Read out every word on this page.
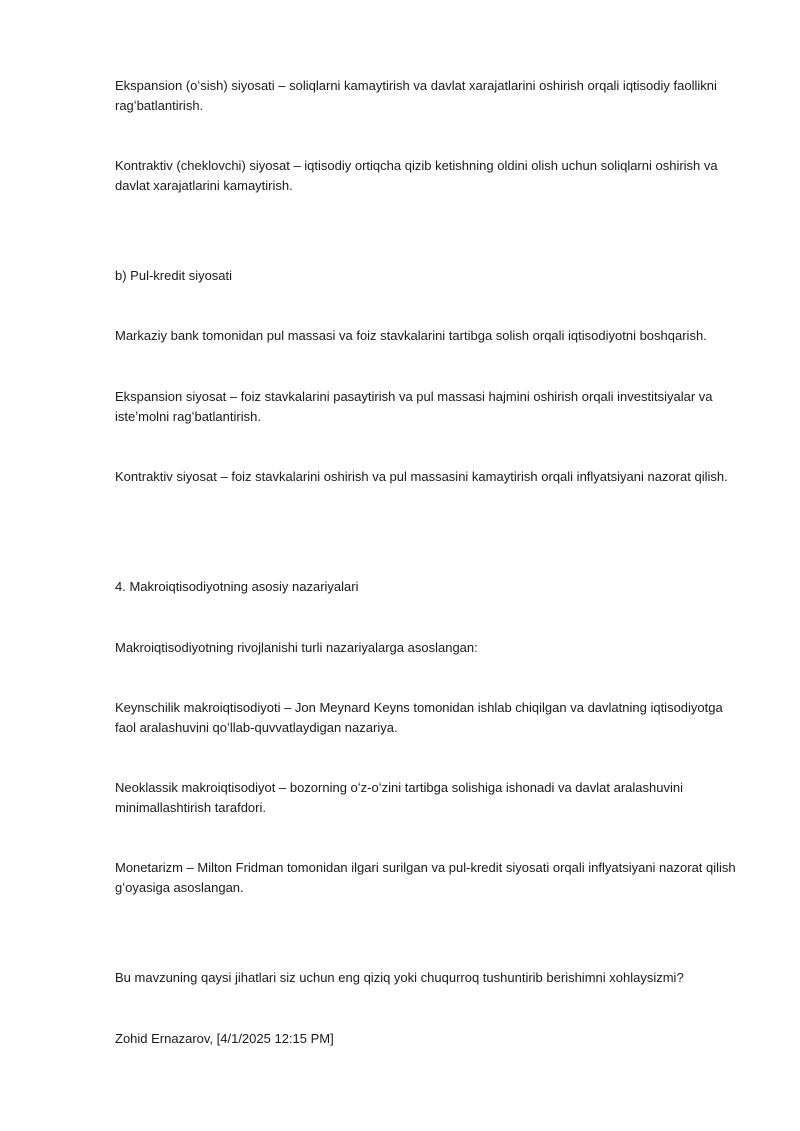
Ekspansion (oʻsish) siyosati – soliqlarni kamaytirish va davlat xarajatlarini oshirish orqali iqtisodiy faollikni ragʻbatlantirish.

Kontraktiv (cheklovchi) siyosat – iqtisodiy ortiqcha qizib ketishning oldini olish uchun soliqlarni oshirish va davlat xarajatlarini kamaytirish.

b) Pul-kredit siyosati

Markaziy bank tomonidan pul massasi va foiz stavkalarini tartibga solish orqali iqtisodiyotni boshqarish.

Ekspansion siyosat – foiz stavkalarini pasaytirish va pul massasi hajmini oshirish orqali investitsiyalar va isteʼmolni ragʻbatlantirish.

Kontraktiv siyosat – foiz stavkalarini oshirish va pul massasini kamaytirish orqali inflyatsiyani nazorat qilish.

4. Makroiqtisodiyotning asosiy nazariyalari

Makroiqtisodiyotning rivojlanishi turli nazariyalarga asoslangan:

Keynschilik makroiqtisodiyoti – Jon Meynard Keyns tomonidan ishlab chiqilgan va davlatning iqtisodiyotga faol aralashuvini qoʻllab-quvvatlaydigan nazariya.

Neoklassik makroiqtisodiyot – bozorning oʻz-oʻzini tartibga solishiga ishonadi va davlat aralashuvini minimallashtirish tarafdori.

Monetarizm – Milton Fridman tomonidan ilgari surilgan va pul-kredit siyosati orqali inflyatsiyani nazorat qilish gʻoyasiga asoslangan.

Bu mavzuning qaysi jihatlari siz uchun eng qiziq yoki chuqurroq tushuntirib berishimni xohlaysizmi?

Zohid Ernazarov, [4/1/2025 12:15 PM]
